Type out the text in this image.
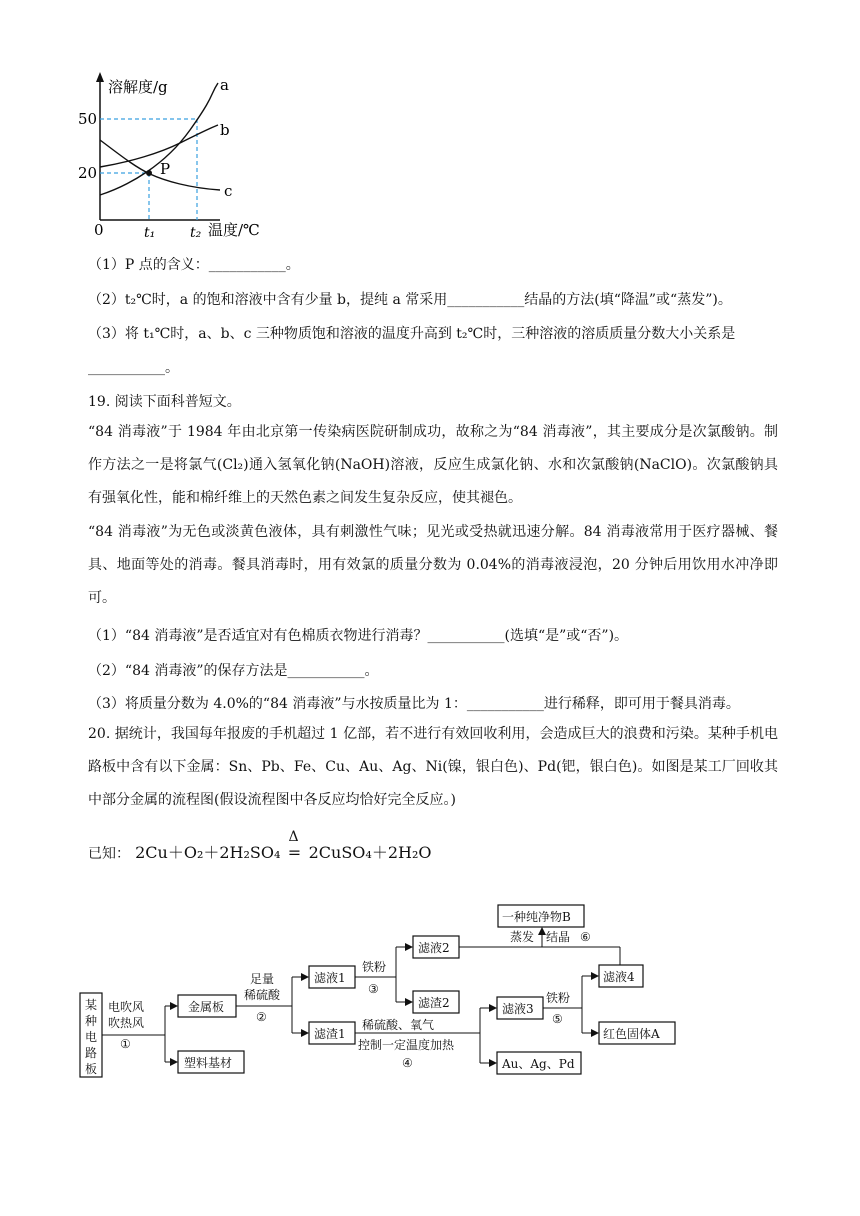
溶解度/g
50
20
0	t₁ t₂ 温度/℃
a
b
c
P
（1）P 点的含义：___________。
（2）t₂℃时，a 的饱和溶液中含有少量 b，提纯 a 常采用___________结晶的方法(填“降温”或“蒸发”)。
（3）将 t₁℃时，a、b、c 三种物质饱和溶液的温度升高到 t₂℃时，三种溶液的溶质质量分数大小关系是
___________。
19. 阅读下面科普短文。
“84 消毒液”于 1984 年由北京第一传染病医院研制成功，故称之为“84 消毒液”，其主要成分是次氯酸钠。制作方法之一是将氯气(Cl₂)通入氢氧化钠(NaOH)溶液，反应生成氯化钠、水和次氯酸钠(NaClO)。次氯酸钠具有强氧化性，能和棉纤维上的天然色素之间发生复杂反应，使其褪色。
“84 消毒液”为无色或淡黄色液体，具有刺激性气味；见光或受热就迅速分解。84 消毒液常用于医疗器械、餐具、地面等处的消毒。餐具消毒时，用有效氯的质量分数为 0.04%的消毒液浸泡，20 分钟后用饮用水冲净即可。
（1）“84 消毒液”是否适宜对有色棉质衣物进行消毒？___________(选填“是”或“否”)。
（2）“84 消毒液”的保存方法是___________。
（3）将质量分数为 4.0%的“84 消毒液”与水按质量比为 1：___________进行稀释，即可用于餐具消毒。
20. 据统计，我国每年报废的手机超过 1 亿部，若不进行有效回收利用，会造成巨大的浪费和污染。某种手机电路板中含有以下金属：Sn、Pb、Fe、Cu、Au、Ag、Ni(镍，银白色)、Pd(钯，银白色)。如图是某工厂回收其中部分金属的流程图(假设流程图中各反应均恰好完全反应。)
已知： 2Cu＋O₂＋2H₂SO₄
Δ
= 2CuSO₄＋2H₂O
某
种
电
路
板
电吹风
吹热风
①
金属板
塑料基材
足量
稀硫酸
②
滤液1
滤渣1
铁粉
③
滤液2
滤渣2
一种纯净物B
蒸发 结晶 ⑥
稀硫酸、氧气
控制一定温度加热
④
滤液3
Au、Ag、Pd
铁粉
⑤
滤液4
红色固体A
